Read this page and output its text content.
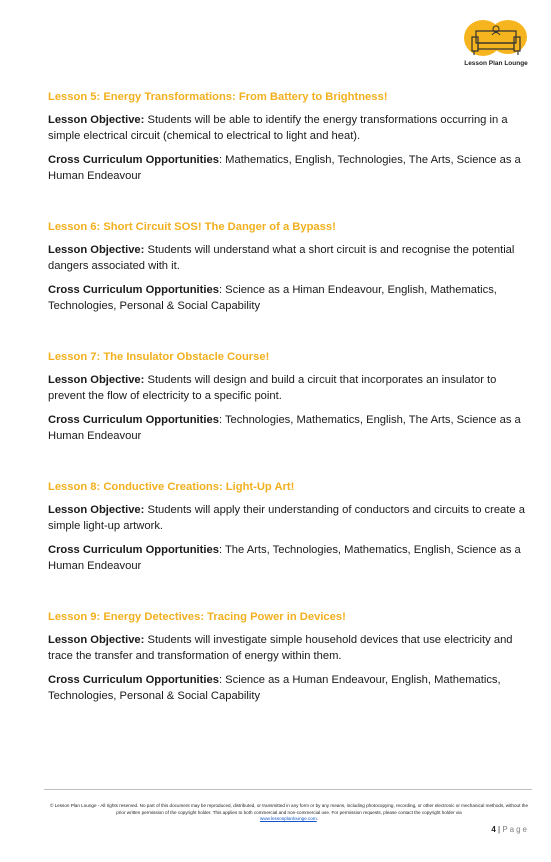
Lesson Plan Lounge
Lesson 5: Energy Transformations: From Battery to Brightness!
Lesson Objective: Students will be able to identify the energy transformations occurring in a simple electrical circuit (chemical to electrical to light and heat).
Cross Curriculum Opportunities: Mathematics, English, Technologies, The Arts, Science as a Human Endeavour
Lesson 6: Short Circuit SOS! The Danger of a Bypass!
Lesson Objective: Students will understand what a short circuit is and recognise the potential dangers associated with it.
Cross Curriculum Opportunities: Science as a Himan Endeavour, English, Mathematics, Technologies, Personal & Social Capability
Lesson 7: The Insulator Obstacle Course!
Lesson Objective: Students will design and build a circuit that incorporates an insulator to prevent the flow of electricity to a specific point.
Cross Curriculum Opportunities: Technologies, Mathematics, English, The Arts, Science as a Human Endeavour
Lesson 8: Conductive Creations: Light-Up Art!
Lesson Objective: Students will apply their understanding of conductors and circuits to create a simple light-up artwork.
Cross Curriculum Opportunities: The Arts, Technologies, Mathematics, English, Science as a Human Endeavour
Lesson 9: Energy Detectives: Tracing Power in Devices!
Lesson Objective: Students will investigate simple household devices that use electricity and trace the transfer and transformation of energy within them.
Cross Curriculum Opportunities: Science as a Human Endeavour, English, Mathematics, Technologies, Personal & Social Capability
© Lesson Plan Lounge - All rights reserved. No part of this document may be reproduced, distributed, or transmitted in any form or by any means, including photocopying, recording, or other electronic or mechanical methods, without the prior written permission of the copyright holder. This applies to both commercial and non-commercial use. For permission requests, please contact the copyright holder via
www.lessonplanlounge.com.
4 | Page
